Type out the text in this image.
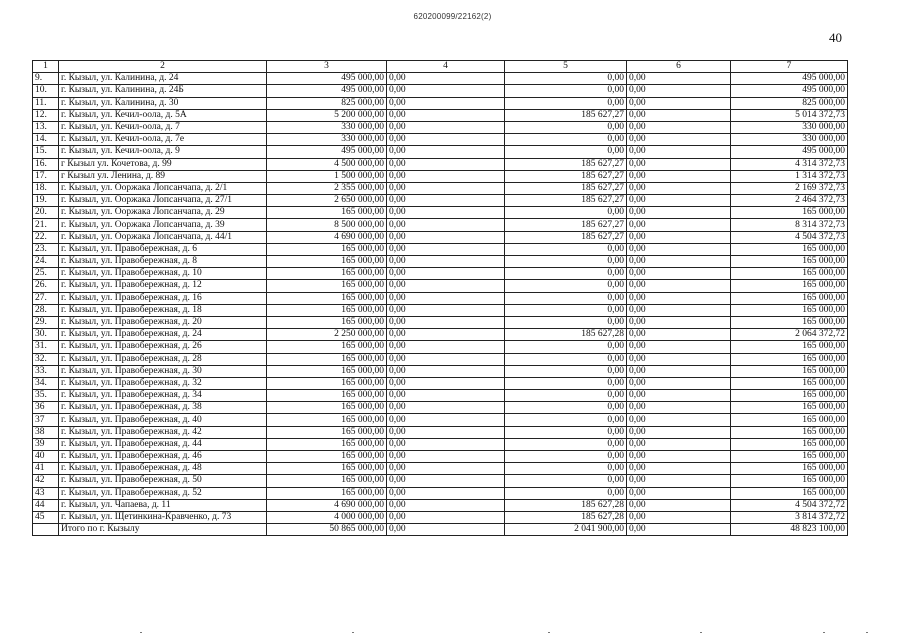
620200099/22162(2)
40
1	2	3	4	5	6	7
9.	г. Кызыл, ул. Калинина, д. 24	495 000,00	0,00	0,00	0,00	495 000,00
10.	г. Кызыл, ул. Калинина, д. 24Б	495 000,00	0,00	0,00	0,00	495 000,00
11.	г. Кызыл, ул. Калинина, д. 30	825 000,00	0,00	0,00	0,00	825 000,00
12.	г. Кызыл, ул. Кечил-оола, д. 5А	5 200 000,00	0,00	185 627,27	0,00	5 014 372,73
13.	г. Кызыл, ул. Кечил-оола, д. 7	330 000,00	0,00	0,00	0,00	330 000,00
14.	г. Кызыл, ул. Кечил-оола, д. 7е	330 000,00	0,00	0,00	0,00	330 000,00
15.	г. Кызыл, ул. Кечил-оола, д. 9	495 000,00	0,00	0,00	0,00	495 000,00
16.	г Кызыл ул. Кочетова, д. 99	4 500 000,00	0,00	185 627,27	0,00	4 314 372,73
17.	г Кызыл ул. Ленина, д. 89	1 500 000,00	0,00	185 627,27	0,00	1 314 372,73
18.	г. Кызыл, ул. Ооржака Лопсанчапа, д. 2/1	2 355 000,00	0,00	185 627,27	0,00	2 169 372,73
19.	г. Кызыл, ул. Ооржака Лопсанчапа, д. 27/1	2 650 000,00	0,00	185 627,27	0,00	2 464 372,73
20.	г. Кызыл, ул. Ооржака Лопсанчапа, д. 29	165 000,00	0,00	0,00	0,00	165 000,00
21.	г. Кызыл, ул. Ооржака Лопсанчапа, д. 39	8 500 000,00	0,00	185 627,27	0,00	8 314 372,73
22.	г. Кызыл, ул. Ооржака Лопсанчапа, д. 44/1	4 690 000,00	0,00	185 627,27	0,00	4 504 372,73
23.	г. Кызыл, ул. Правобережная, д. 6	165 000,00	0,00	0,00	0,00	165 000,00
24.	г. Кызыл, ул. Правобережная, д. 8	165 000,00	0,00	0,00	0,00	165 000,00
25.	г. Кызыл, ул. Правобережная, д. 10	165 000,00	0,00	0,00	0,00	165 000,00
26.	г. Кызыл, ул. Правобережная, д. 12	165 000,00	0,00	0,00	0,00	165 000,00
27.	г. Кызыл, ул. Правобережная, д. 16	165 000,00	0,00	0,00	0,00	165 000,00
28.	г. Кызыл, ул. Правобережная, д. 18	165 000,00	0,00	0,00	0,00	165 000,00
29.	г. Кызыл, ул. Правобережная, д. 20	165 000,00	0,00	0,00	0,00	165 000,00
30.	г. Кызыл, ул. Правобережная, д. 24	2 250 000,00	0,00	185 627,28	0,00	2 064 372,72
31.	г. Кызыл, ул. Правобережная, д. 26	165 000,00	0,00	0,00	0,00	165 000,00
32.	г. Кызыл, ул. Правобережная, д. 28	165 000,00	0,00	0,00	0,00	165 000,00
33.	г. Кызыл, ул. Правобережная, д. 30	165 000,00	0,00	0,00	0,00	165 000,00
34.	г. Кызыл, ул. Правобережная, д. 32	165 000,00	0,00	0,00	0,00	165 000,00
35.	г. Кызыл, ул. Правобережная, д. 34	165 000,00	0,00	0,00	0,00	165 000,00
36	г. Кызыл, ул. Правобережная, д. 38	165 000,00	0,00	0,00	0,00	165 000,00
37	г. Кызыл, ул. Правобережная, д. 40	165 000,00	0,00	0,00	0,00	165 000,00
38	г. Кызыл, ул. Правобережная, д. 42	165 000,00	0,00	0,00	0,00	165 000,00
39	г. Кызыл, ул. Правобережная, д. 44	165 000,00	0,00	0,00	0,00	165 000,00
40	г. Кызыл, ул. Правобережная, д. 46	165 000,00	0,00	0,00	0,00	165 000,00
41	г. Кызыл, ул. Правобережная, д. 48	165 000,00	0,00	0,00	0,00	165 000,00
42	г. Кызыл, ул. Правобережная, д. 50	165 000,00	0,00	0,00	0,00	165 000,00
43	г. Кызыл, ул. Правобережная, д. 52	165 000,00	0,00	0,00	0,00	165 000,00
44	г. Кызыл, ул. Чапаева, д. 11	4 690 000,00	0,00	185 627,28	0,00	4 504 372,72
45	г. Кызыл, ул. Щетинкина-Кравченко, д. 73	4 000 000,00	0,00	185 627,28	0,00	3 814 372,72
	Итого по г. Кызылу	50 865 000,00	0,00	2 041 900,00	0,00	48 823 100,00
